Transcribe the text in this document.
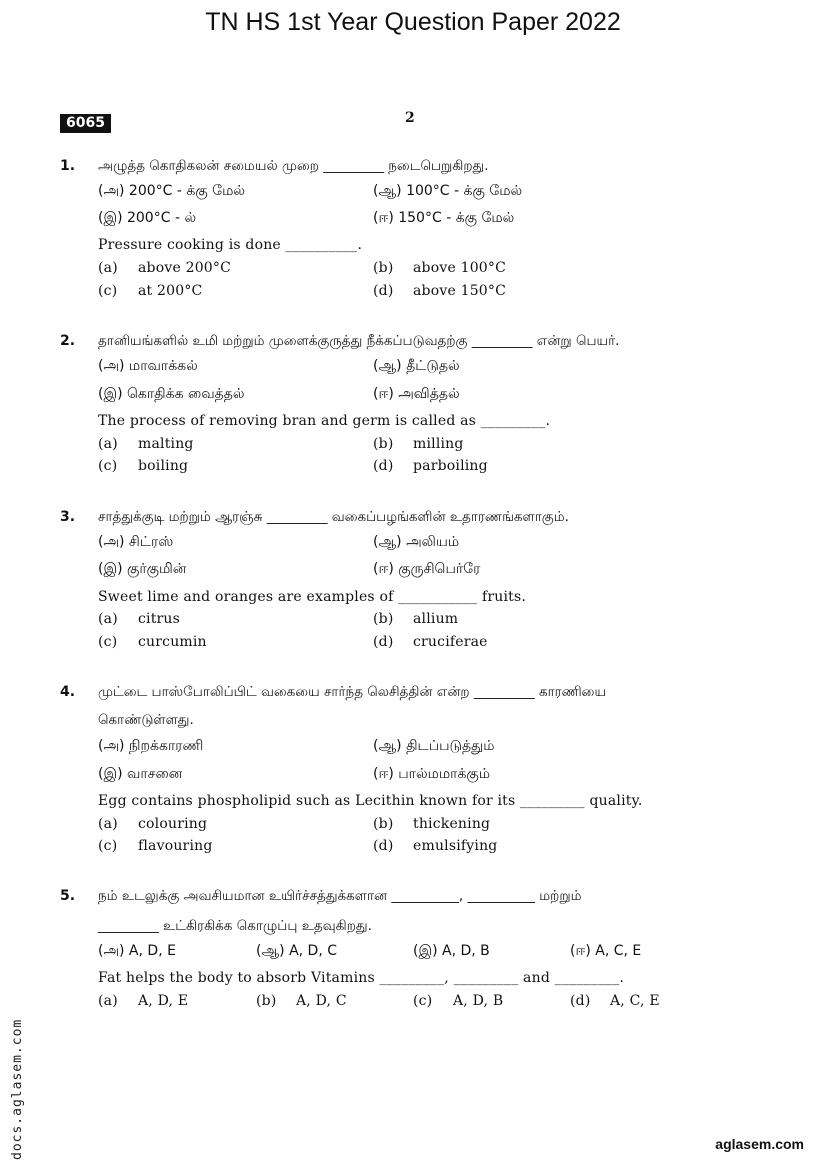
TN HS 1st Year Question Paper 2022
6065	2
1. அழுத்த கொதிகலன் சமையல் முறை _________ நடைபெறுகிறது.
(அ) 200°C - க்கு மேல்	(ஆ) 100°C - க்கு மேல்
(இ) 200°C - ல்	(ஈ) 150°C - க்கு மேல்
Pressure cooking is done __________.
(a) above 200°C	(b) above 100°C
(c) at 200°C	(d) above 150°C
2. தானியங்களில் உமி மற்றும் முளைக்குருத்து நீக்கப்படுவதற்கு _________ என்று பெயர்.
(அ) மாவாக்கல்	(ஆ) தீட்டுதல்
(இ) கொதிக்க வைத்தல்	(ஈ) அவித்தல்
The process of removing bran and germ is called as _________.
(a) malting	(b) milling
(c) boiling	(d) parboiling
3. சாத்துக்குடி மற்றும் ஆரஞ்சு _________ வகைப்பழங்களின் உதாரணங்களாகும்.
(அ) சிட்ரஸ்	(ஆ) அலியம்
(இ) குர்குமின்	(ஈ) குருசிபெர்ரே
Sweet lime and oranges are examples of ___________ fruits.
(a) citrus	(b) allium
(c) curcumin	(d) cruciferae
4. முட்டை பாஸ்போலிப்பிட் வகையை சார்ந்த லெசித்தின் என்ற _________ காரணியை
கொண்டுள்ளது.
(அ) நிறக்காரணி	(ஆ) திடப்படுத்தும்
(இ) வாசனை	(ஈ) பால்மமாக்கும்
Egg contains phospholipid such as Lecithin known for its _________ quality.
(a) colouring	(b) thickening
(c) flavouring	(d) emulsifying
5. நம் உடலுக்கு அவசியமான உயிர்ச்சத்துக்களான __________, __________ மற்றும்
_________ உட்கிரகிக்க கொழுப்பு உதவுகிறது.
(அ) A, D, E	(ஆ) A, D, C	(இ) A, D, B	(ஈ) A, C, E
Fat helps the body to absorb Vitamins _________, _________ and _________.
(a) A, D, E	(b) A, D, C	(c) A, D, B	(d) A, C, E
docs.aglasem.com	aglasem.com
